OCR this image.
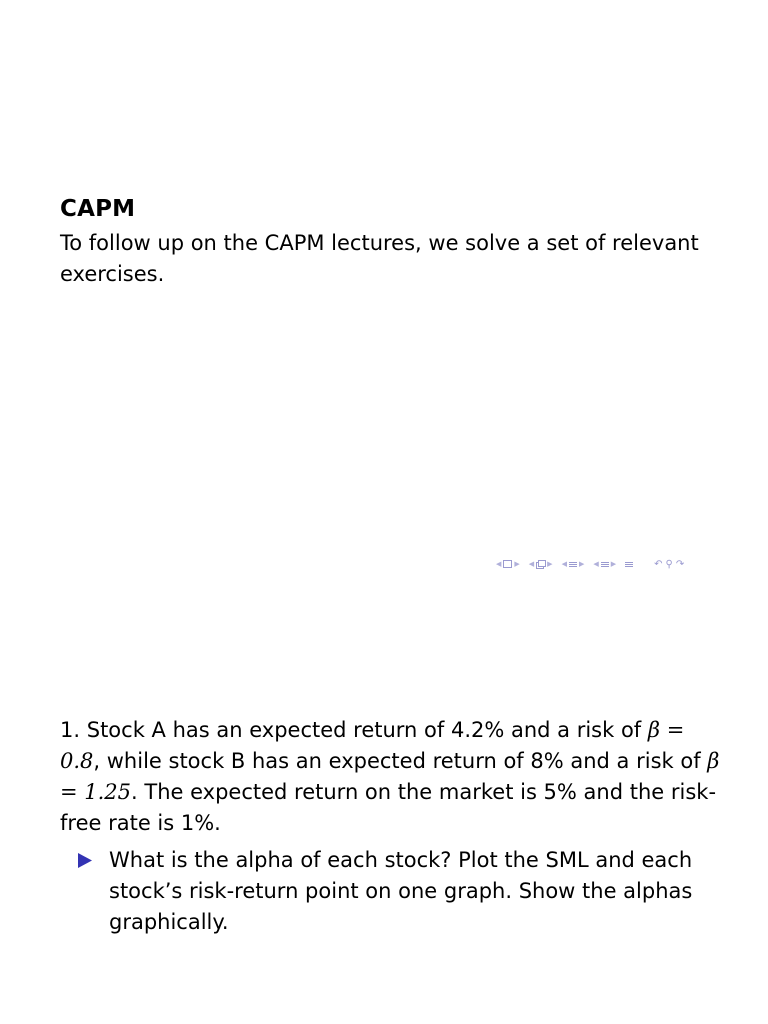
CAPM
To follow up on the CAPM lectures, we solve a set of relevant exercises.
◀ ▶ ◀ ▶ ◀ ▶ ◀ ▶	↶ ⚲ ↷
1. Stock A has an expected return of 4.2% and a risk of β = 0.8, while stock B has an expected return of 8% and a risk of β = 1.25. The expected return on the market is 5% and the risk-free rate is 1%.
What is the alpha of each stock? Plot the SML and each stock’s risk-return point on one graph. Show the alphas graphically.
